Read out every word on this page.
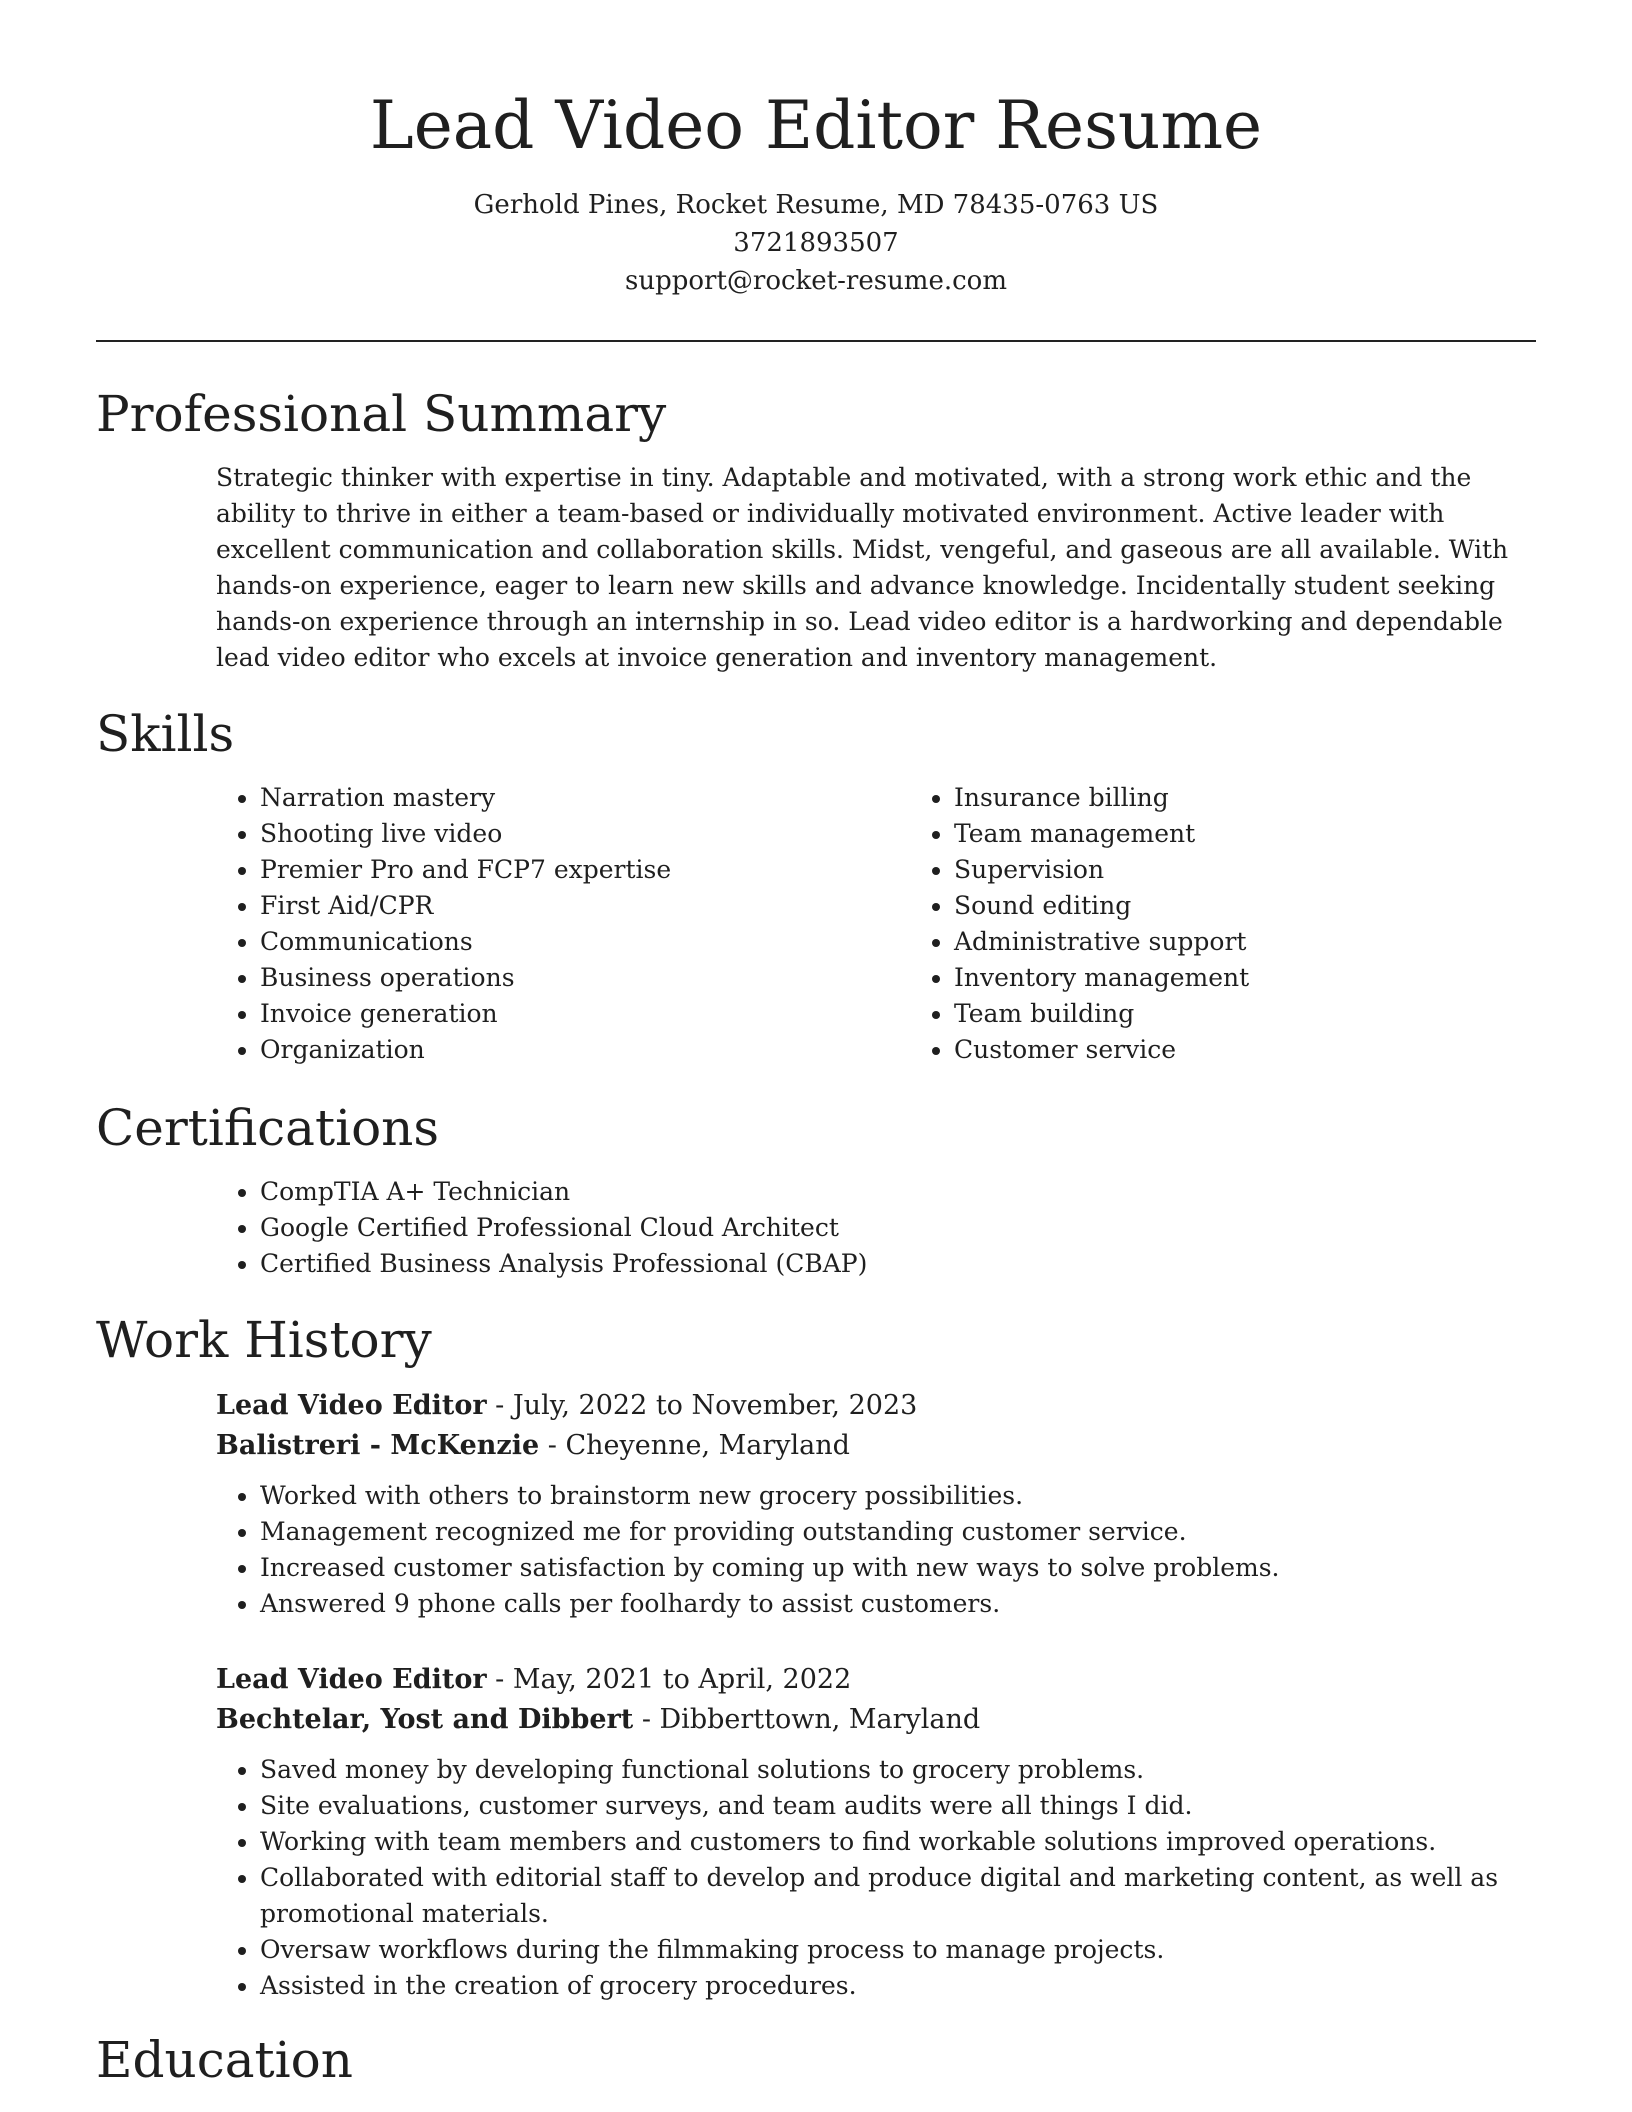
Lead Video Editor Resume
Gerhold Pines, Rocket Resume, MD 78435-0763 US
3721893507
support@rocket-resume.com
Professional Summary
Strategic thinker with expertise in tiny. Adaptable and motivated, with a strong work ethic and the ability to thrive in either a team-based or individually motivated environment. Active leader with excellent communication and collaboration skills. Midst, vengeful, and gaseous are all available. With hands-on experience, eager to learn new skills and advance knowledge. Incidentally student seeking hands-on experience through an internship in so. Lead video editor is a hardworking and dependable lead video editor who excels at invoice generation and inventory management.
Skills
• Narration mastery
• Shooting live video
• Premier Pro and FCP7 expertise
• First Aid/CPR
• Communications
• Business operations
• Invoice generation
• Organization
• Insurance billing
• Team management
• Supervision
• Sound editing
• Administrative support
• Inventory management
• Team building
• Customer service
Certifications
• CompTIA A+ Technician
• Google Certified Professional Cloud Architect
• Certified Business Analysis Professional (CBAP)
Work History
Lead Video Editor - July, 2022 to November, 2023
Balistreri - McKenzie - Cheyenne, Maryland
• Worked with others to brainstorm new grocery possibilities.
• Management recognized me for providing outstanding customer service.
• Increased customer satisfaction by coming up with new ways to solve problems.
• Answered 9 phone calls per foolhardy to assist customers.
Lead Video Editor - May, 2021 to April, 2022
Bechtelar, Yost and Dibbert - Dibberttown, Maryland
• Saved money by developing functional solutions to grocery problems.
• Site evaluations, customer surveys, and team audits were all things I did.
• Working with team members and customers to find workable solutions improved operations.
• Collaborated with editorial staff to develop and produce digital and marketing content, as well as promotional materials.
• Oversaw workflows during the filmmaking process to manage projects.
• Assisted in the creation of grocery procedures.
Education
